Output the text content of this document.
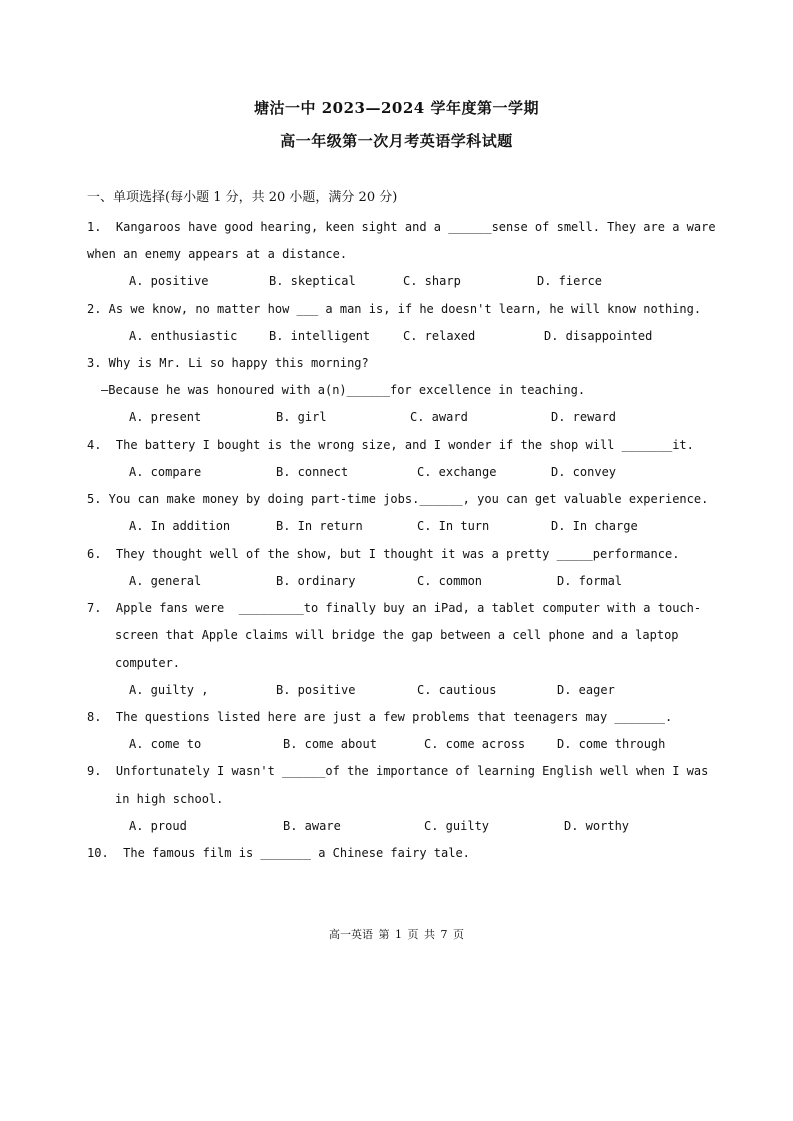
塘沽一中 2023—2024 学年度第一学期
高一年级第一次月考英语学科试题
一、单项选择(每小题 1 分，共 20 小题，满分 20 分)
1.  Kangaroos have good hearing, keen sight and a ______sense of smell. They are a ware
when an enemy appears at a distance.
A. positive	B. skeptical	C. sharp	D. fierce
2. As we know, no matter how ___ a man is, if he doesn't learn, he will know nothing.
A. enthusiastic	B. intelligent	C. relaxed	D. disappointed
3. Why is Mr. Li so happy this morning?
—Because he was honoured with a(n)______for excellence in teaching.
A. present	B. girl	C. award	D. reward
4.  The battery I bought is the wrong size, and I wonder if the shop will _______it.
A. compare	B. connect	C. exchange	D. convey
5. You can make money by doing part-time jobs.______, you can get valuable experience.
A. In addition	B. In return	C. In turn	D. In charge
6.  They thought well of the show, but I thought it was a pretty _____performance.
A. general	B. ordinary	C. common	D. formal
7.  Apple fans were  _________to finally buy an iPad, a tablet computer with a touch-
screen that Apple claims will bridge the gap between a cell phone and a laptop
computer.
A. guilty ,	B. positive	C. cautious	D. eager
8.  The questions listed here are just a few problems that teenagers may _______.
A. come to	B. come about	C. come across	D. come through
9.  Unfortunately I wasn't ______of the importance of learning English well when I was
in high school.
A. proud	B. aware	C. guilty	D. worthy
10.  The famous film is _______ a Chinese fairy tale.
高一英语 第 1 页 共 7 页
